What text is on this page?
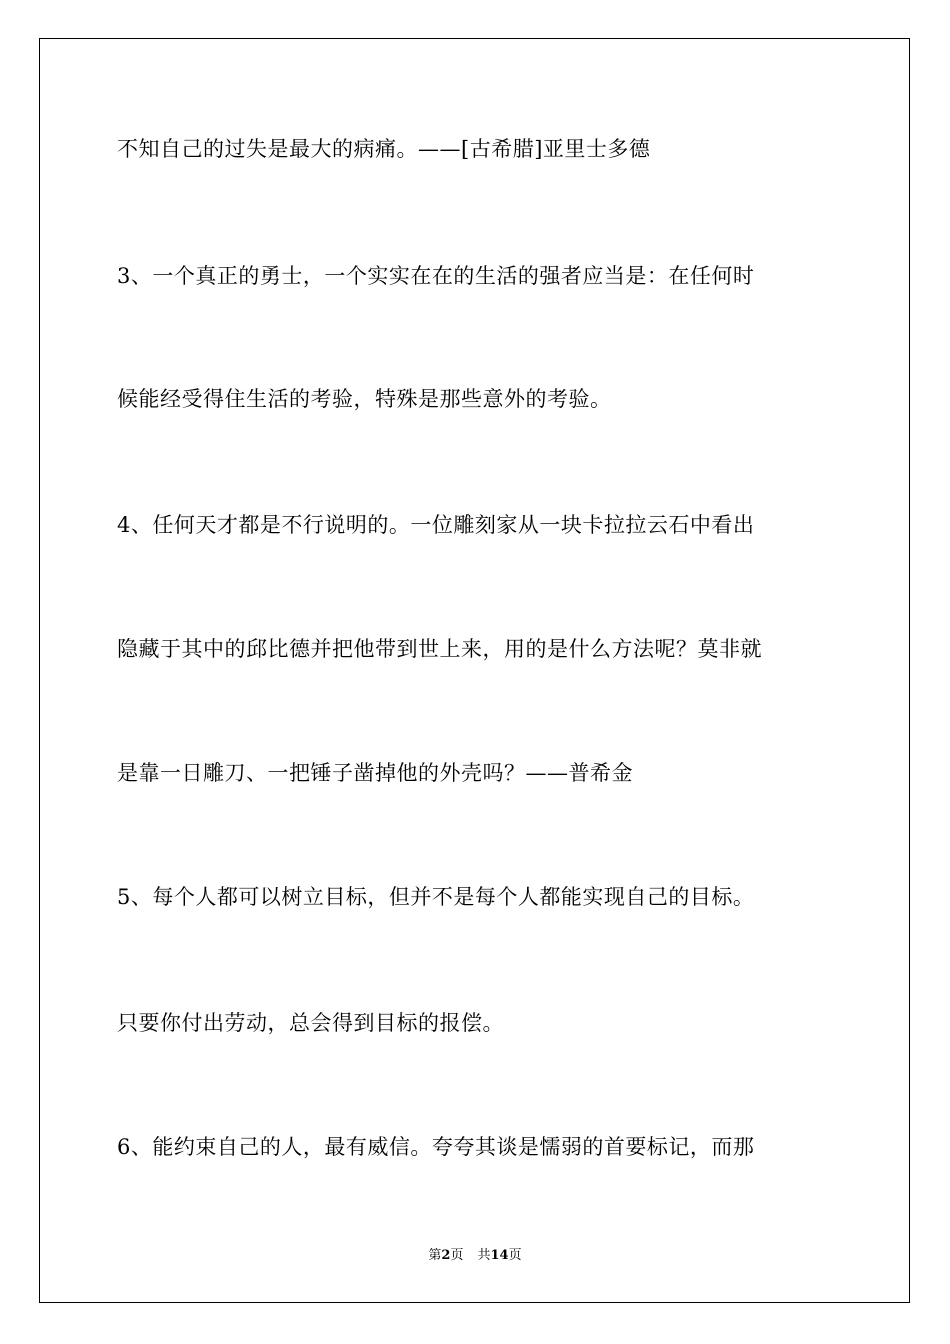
不知自己的过失是最大的病痛。——[古希腊]亚里士多德
3、一个真正的勇士，一个实实在在的生活的强者应当是：在任何时
候能经受得住生活的考验，特殊是那些意外的考验。
4、任何天才都是不行说明的。一位雕刻家从一块卡拉拉云石中看出
隐藏于其中的邱比德并把他带到世上来，用的是什么方法呢？莫非就
是靠一日雕刀、一把锤子凿掉他的外壳吗？——普希金
5、每个人都可以树立目标，但并不是每个人都能实现自己的目标。
只要你付出劳动，总会得到目标的报偿。
6、能约束自己的人，最有威信。夸夸其谈是懦弱的首要标记，而那
第2页 共14页
